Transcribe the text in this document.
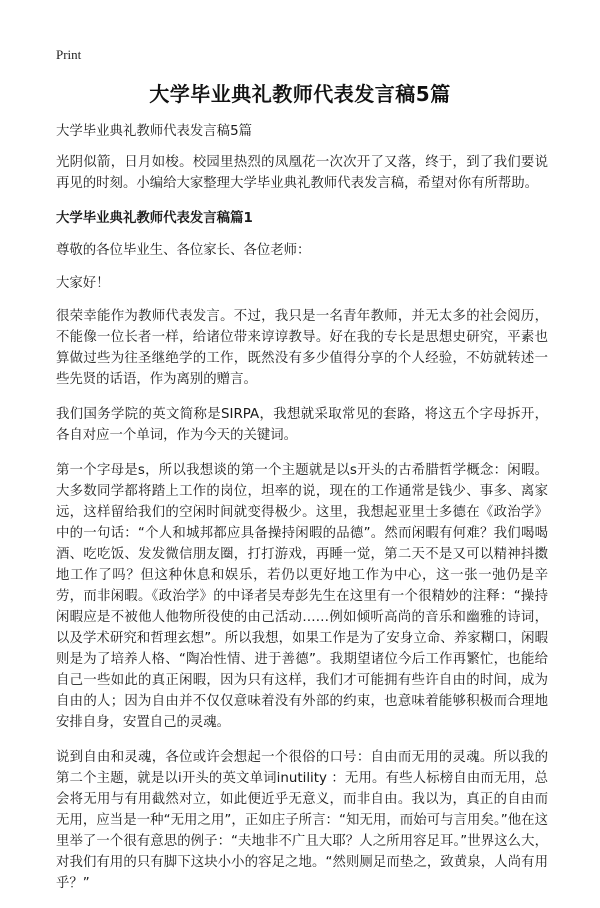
Print
大学毕业典礼教师代表发言稿5篇

大学毕业典礼教师代表发言稿5篇

光阴似箭，日月如梭。校园里热烈的凤凰花一次次开了又落，终于，到了我们要说再见的时刻。小编给大家整理大学毕业典礼教师代表发言稿，希望对你有所帮助。

大学毕业典礼教师代表发言稿篇1

尊敬的各位毕业生、各位家长、各位老师：

大家好！

很荣幸能作为教师代表发言。不过，我只是一名青年教师，并无太多的社会阅历，不能像一位长者一样，给诸位带来谆谆教导。好在我的专长是思想史研究，平素也算做过些为往圣继绝学的工作，既然没有多少值得分享的个人经验，不妨就转述一些先贤的话语，作为离别的赠言。

我们国务学院的英文简称是SIRPA，我想就采取常见的套路，将这五个字母拆开，各自对应一个单词，作为今天的关键词。

第一个字母是s，所以我想谈的第一个主题就是以s开头的古希腊哲学概念：闲暇。大多数同学都将踏上工作的岗位，坦率的说，现在的工作通常是钱少、事多、离家远，这样留给我们的空闲时间就变得极少。这里，我想起亚里士多德在《政治学》中的一句话：“个人和城邦都应具备操持闲暇的品德”。然而闲暇有何难？我们喝喝酒、吃吃饭、发发微信朋友圈，打打游戏，再睡一觉，第二天不是又可以精神抖擞地工作了吗？但这种休息和娱乐，若仍以更好地工作为中心，这一张一弛仍是辛劳，而非闲暇。《政治学》的中译者吴寿彭先生在这里有一个很精妙的注释：“操持闲暇应是不被他人他物所役使的由己活动……例如倾听高尚的音乐和幽雅的诗词，以及学术研究和哲理玄想”。所以我想，如果工作是为了安身立命、养家糊口，闲暇则是为了培养人格、“陶冶性情、进于善德”。我期望诸位今后工作再繁忙，也能给自己一些如此的真正闲暇，因为只有这样，我们才可能拥有些许自由的时间，成为自由的人；因为自由并不仅仅意味着没有外部的约束，也意味着能够积极而合理地安排自身，安置自己的灵魂。

说到自由和灵魂，各位或许会想起一个很俗的口号：自由而无用的灵魂。所以我的第二个主题，就是以i开头的英文单词inutility ：无用。有些人标榜自由而无用，总会将无用与有用截然对立，如此便近乎无意义，而非自由。我以为，真正的自由而无用，应当是一种“无用之用”，正如庄子所言：“知无用，而始可与言用矣。”他在这里举了一个很有意思的例子：“夫地非不广且大耶？人之所用容足耳。”世界这么大，对我们有用的只有脚下这块小小的容足之地。“然则厕足而垫之，致黄泉，人尚有用乎？”
